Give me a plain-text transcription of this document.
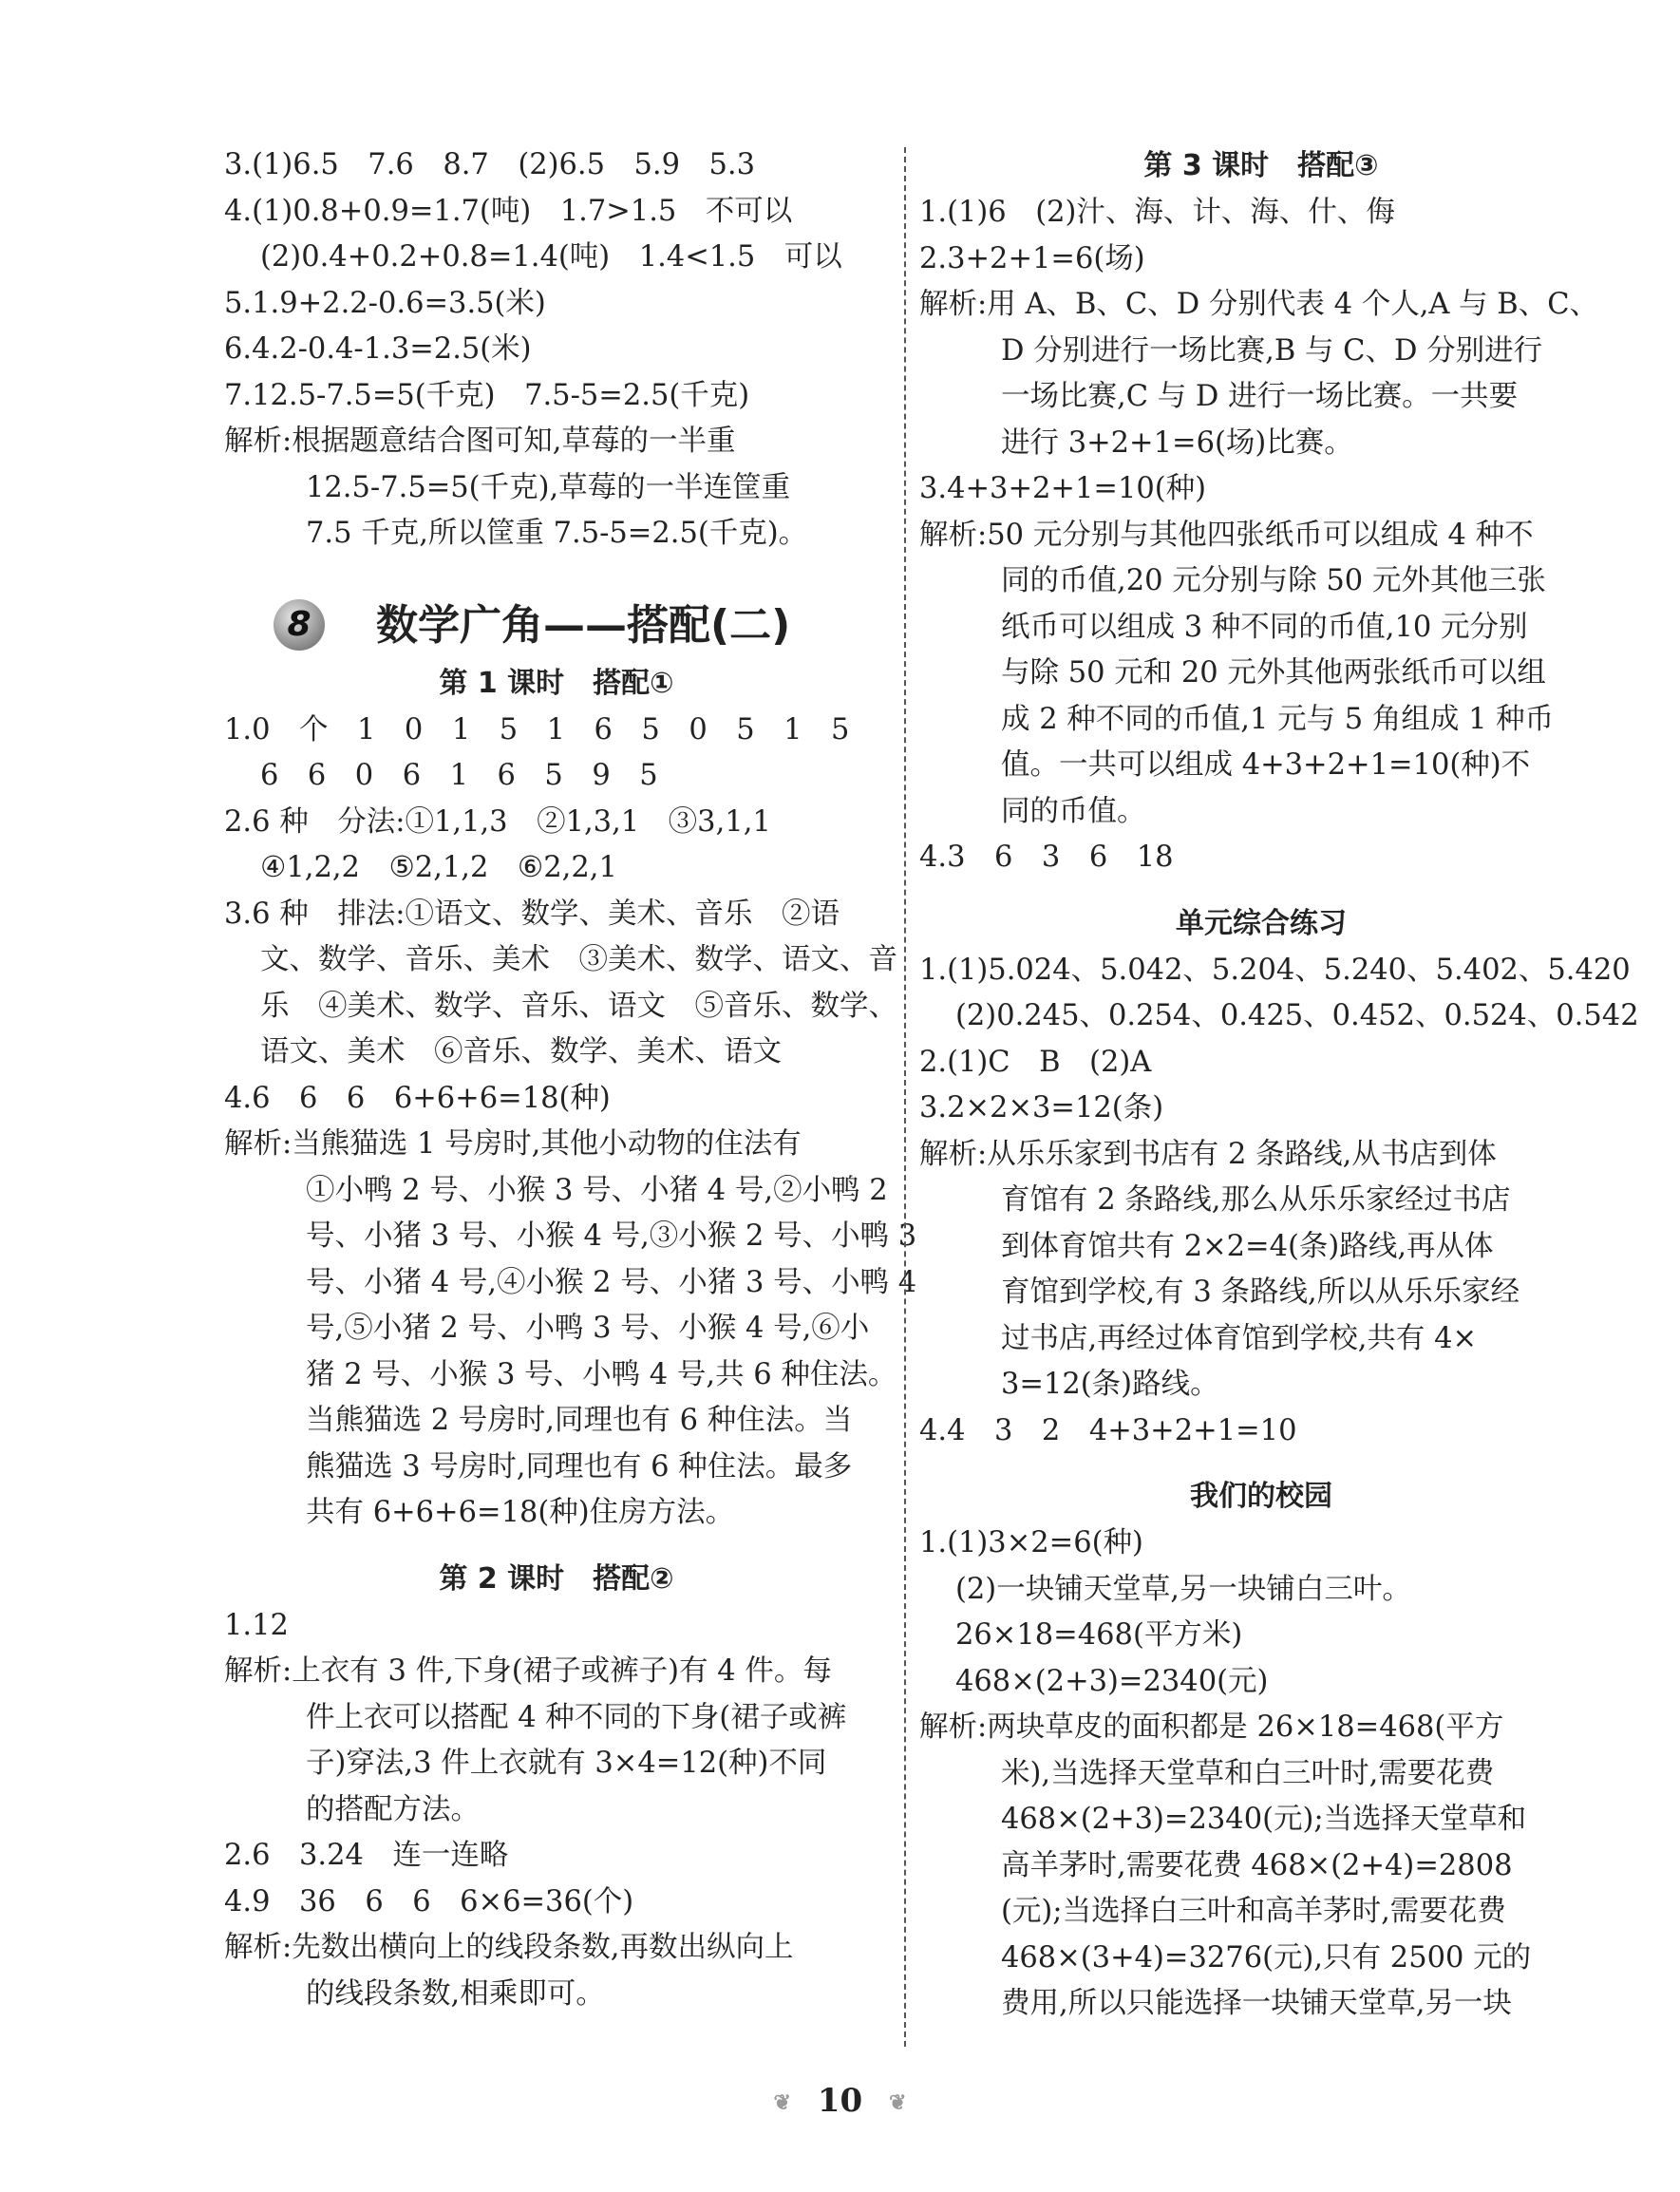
3.(1)6.5　7.6　8.7　(2)6.5　5.9　5.3
4.(1)0.8+0.9=1.7(吨)　1.7>1.5　不可以
(2)0.4+0.2+0.8=1.4(吨)　1.4<1.5　可以
5.1.9+2.2-0.6=3.5(米)
6.4.2-0.4-1.3=2.5(米)
7.12.5-7.5=5(千克)　7.5-5=2.5(千克)
解析:根据题意结合图可知,草莓的一半重
12.5-7.5=5(千克),草莓的一半连筐重
7.5 千克,所以筐重 7.5-5=2.5(千克)。
8	数学广角——搭配(二)
第 1 课时　搭配①
1.0　个　1　0　1　5　1　6　5　0　5　1　5
6　6　0　6　1　6　5　9　5
2.6 种　分法:①1,1,3　②1,3,1　③3,1,1
④1,2,2　⑤2,1,2　⑥2,2,1
3.6 种　排法:①语文、数学、美术、音乐　②语
文、数学、音乐、美术　③美术、数学、语文、音
乐　④美术、数学、音乐、语文　⑤音乐、数学、
语文、美术　⑥音乐、数学、美术、语文
4.6　6　6　6+6+6=18(种)
解析:当熊猫选 1 号房时,其他小动物的住法有
①小鸭 2 号、小猴 3 号、小猪 4 号,②小鸭 2
号、小猪 3 号、小猴 4 号,③小猴 2 号、小鸭 3
号、小猪 4 号,④小猴 2 号、小猪 3 号、小鸭 4
号,⑤小猪 2 号、小鸭 3 号、小猴 4 号,⑥小
猪 2 号、小猴 3 号、小鸭 4 号,共 6 种住法。
当熊猫选 2 号房时,同理也有 6 种住法。当
熊猫选 3 号房时,同理也有 6 种住法。最多
共有 6+6+6=18(种)住房方法。
第 2 课时　搭配②
1.12
解析:上衣有 3 件,下身(裙子或裤子)有 4 件。每
件上衣可以搭配 4 种不同的下身(裙子或裤
子)穿法,3 件上衣就有 3×4=12(种)不同
的搭配方法。
2.6　3.24　连一连略
4.9　36　6　6　6×6=36(个)
解析:先数出横向上的线段条数,再数出纵向上
的线段条数,相乘即可。
第 3 课时　搭配③
1.(1)6　(2)汁、海、计、海、什、侮
2.3+2+1=6(场)
解析:用 A、B、C、D 分别代表 4 个人,A 与 B、C、
D 分别进行一场比赛,B 与 C、D 分别进行
一场比赛,C 与 D 进行一场比赛。一共要
进行 3+2+1=6(场)比赛。
3.4+3+2+1=10(种)
解析:50 元分别与其他四张纸币可以组成 4 种不
同的币值,20 元分别与除 50 元外其他三张
纸币可以组成 3 种不同的币值,10 元分别
与除 50 元和 20 元外其他两张纸币可以组
成 2 种不同的币值,1 元与 5 角组成 1 种币
值。一共可以组成 4+3+2+1=10(种)不
同的币值。
4.3　6　3　6　18
单元综合练习
1.(1)5.024、5.042、5.204、5.240、5.402、5.420
(2)0.245、0.254、0.425、0.452、0.524、0.542
2.(1)C　B　(2)A
3.2×2×3=12(条)
解析:从乐乐家到书店有 2 条路线,从书店到体
育馆有 2 条路线,那么从乐乐家经过书店
到体育馆共有 2×2=4(条)路线,再从体
育馆到学校,有 3 条路线,所以从乐乐家经
过书店,再经过体育馆到学校,共有 4×
3=12(条)路线。
4.4　3　2　4+3+2+1=10
我们的校园
1.(1)3×2=6(种)
(2)一块铺天堂草,另一块铺白三叶。
26×18=468(平方米)
468×(2+3)=2340(元)
解析:两块草皮的面积都是 26×18=468(平方
米),当选择天堂草和白三叶时,需要花费
468×(2+3)=2340(元);当选择天堂草和
高羊茅时,需要花费 468×(2+4)=2808
(元);当选择白三叶和高羊茅时,需要花费
468×(3+4)=3276(元),只有 2500 元的
费用,所以只能选择一块铺天堂草,另一块
❦ 10 ❦
